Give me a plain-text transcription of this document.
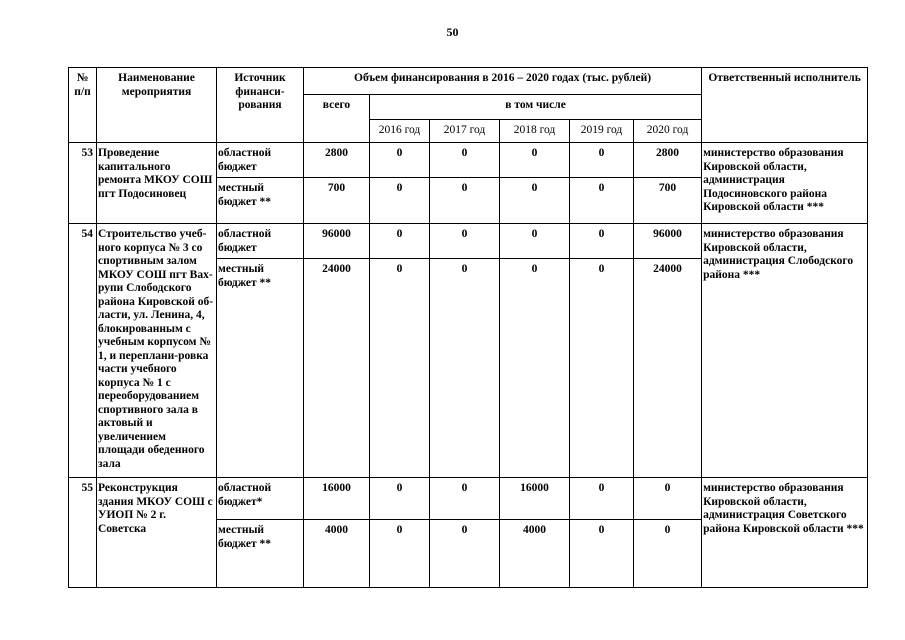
50
№ п/п	Наименование мероприятия	Источник финанси-рования	Объем финансирования в 2016 – 2020 годах (тыс. рублей)						Ответственный исполнитель
			всего	в том числе					
				2016 год	2017 год	2018 год	2019 год	2020 год	
53	Проведение капитального ремонта МКОУ СОШ пгт Подосиновец	областной бюджет	2800	0	0	0	0	2800	министерство образования Кировской области, администрация Подосиновского района Кировской области ***
		местный бюджет **	700	0	0	0	0	700	
54	Строительство учеб-ного корпуса № 3 со спортивным залом МКОУ СОШ пгт Вах-рупи Слободского района Кировской об-ласти, ул. Ленина, 4, блокированным с учебным корпусом № 1, и переплани-ровка части учебного корпуса № 1 с переоборудованием спортивного зала в актовый и увеличением площади обеденного зала	областной бюджет	96000	0	0	0	0	96000	министерство образования Кировской области, администрация Слободского района ***
		местный бюджет **	24000	0	0	0	0	24000	
55	Реконструкция здания МКОУ СОШ с УИОП № 2 г. Советска	областной бюджет*	16000	0	0	16000	0	0	министерство образования Кировской области, администрация Советского района Кировской области ***
		местный бюджет **	4000	0	0	4000	0	0	
